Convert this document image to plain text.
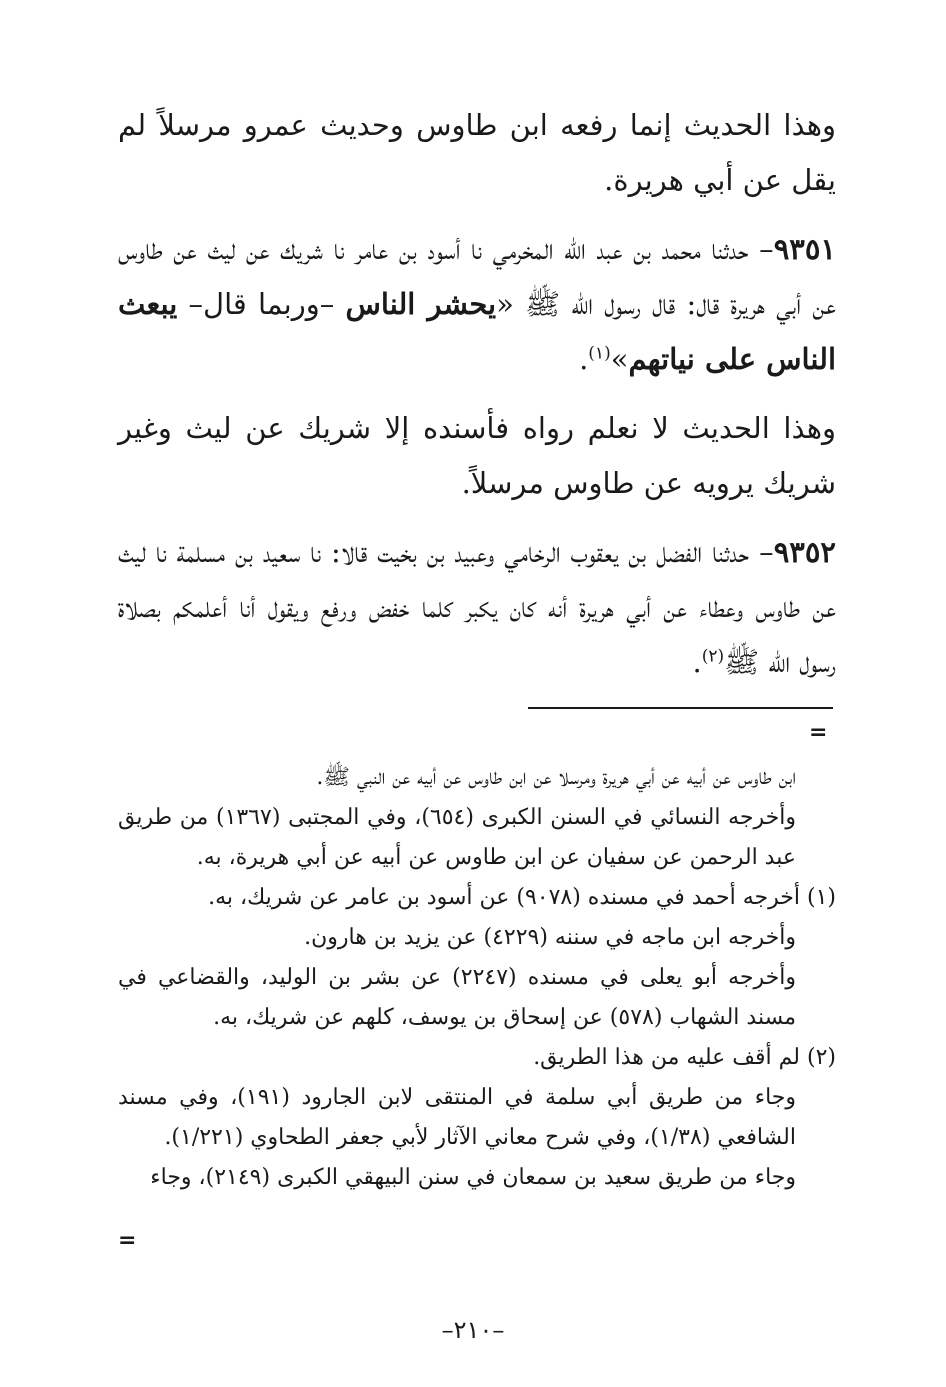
وهذا الحديث إنما رفعه ابن طاوس وحديث عمرو مرسلاً لم يقل عن أبي هريرة.

٩٣٥١– حدثنا محمد بن عبد الله المخرمي نا أسود بن عامر نا شريك عن ليث عن طاوس عن أبي هريرة قال: قال رسول الله ﷺ «يحشر الناس –وربما قال– يبعث الناس على نياتهم»$^{(١)}$.

وهذا الحديث لا نعلم رواه فأسنده إلا شريك عن ليث وغير شريك يرويه عن طاوس مرسلاً.

٩٣٥٢– حدثنا الفضل بن يعقوب الرخامي وعبيد بن بخيت قالا: نا سعيد بن مسلمة نا ليث عن طاوس وعطاء عن أبي هريرة أنه كان يكبر كلما خفض ورفع ويقول أنا أعلمكم بصلاة رسول الله ﷺ$^{(٢)}$.

=
ابن طاوس عن أبيه عن أبي هريرة ومرسلا عن ابن طاوس عن أبيه عن النبي ﷺ.
وأخرجه النسائي في السنن الكبرى (٦٥٤)، وفي المجتبى (١٣٦٧) من طريق عبد الرحمن عن سفيان عن ابن طاوس عن أبيه عن أبي هريرة، به.
(١) أخرجه أحمد في مسنده (٩٠٧٨) عن أسود بن عامر عن شريك، به.
وأخرجه ابن ماجه في سننه (٤٢٢٩) عن يزيد بن هارون.
وأخرجه أبو يعلى في مسنده (٢٢٤٧) عن بشر بن الوليد، والقضاعي في مسند الشهاب (٥٧٨) عن إسحاق بن يوسف، كلهم عن شريك، به.
(٢) لم أقف عليه من هذا الطريق.
وجاء من طريق أبي سلمة في المنتقى لابن الجارود (١٩١)، وفي مسند الشافعي (١/٣٨)، وفي شرح معاني الآثار لأبي جعفر الطحاوي (١/٢٢١).
وجاء من طريق سعيد بن سمعان في سنن البيهقي الكبرى (٢١٤٩)، وجاء
=
–٢١٠–
